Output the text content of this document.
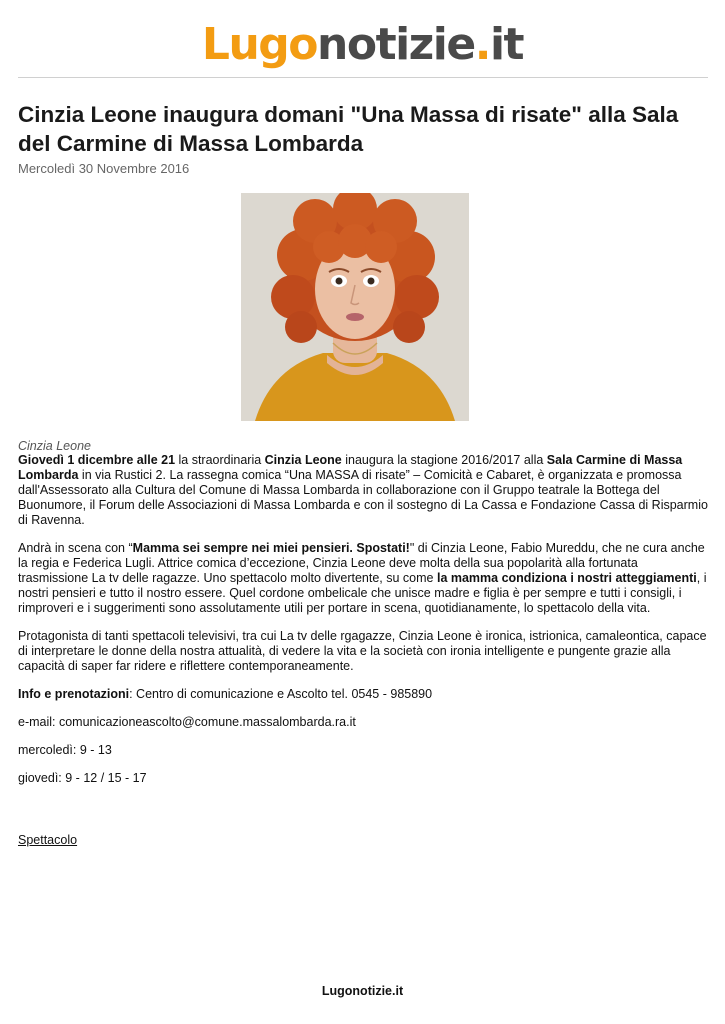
Lugonotizie.it
Cinzia Leone inaugura domani "Una Massa di risate" alla Sala del Carmine di Massa Lombarda
Mercoledì 30 Novembre 2016
Cinzia Leone

Giovedì 1 dicembre alle 21 la straordinaria Cinzia Leone inaugura la stagione 2016/2017 alla Sala Carmine di Massa Lombarda in via Rustici 2. La rassegna comica “Una MASSA di risate” – Comicità e Cabaret, è organizzata e promossa dall'Assessorato alla Cultura del Comune di Massa Lombarda in collaborazione con il Gruppo teatrale la Bottega del Buonumore, il Forum delle Associazioni di Massa Lombarda e con il sostegno di La Cassa e Fondazione Cassa di Risparmio di Ravenna.

Andrà in scena con “Mamma sei sempre nei miei pensieri. Spostati!" di Cinzia Leone, Fabio Mureddu, che ne cura anche la regia e Federica Lugli. Attrice comica d’eccezione, Cinzia Leone deve molta della sua popolarità alla fortunata trasmissione La tv delle ragazze. Uno spettacolo molto divertente, su come la mamma condiziona i nostri atteggiamenti, i nostri pensieri e tutto il nostro essere. Quel cordone ombelicale che unisce madre e figlia è per sempre e tutti i consigli, i rimproveri e i suggerimenti sono assolutamente utili per portare in scena, quotidianamente, lo spettacolo della vita.

Protagonista di tanti spettacoli televisivi, tra cui La tv delle rgagazze, Cinzia Leone è ironica, istrionica, camaleontica, capace di interpretare le donne della nostra attualità, di vedere la vita e la società con ironia intelligente e pungente grazie alla capacità di saper far ridere e riflettere contemporaneamente.

Info e prenotazioni: Centro di comunicazione e Ascolto tel. 0545 - 985890

e-mail: comunicazioneascolto@comune.massalombarda.ra.it

mercoledì: 9 - 13

giovedì: 9 - 12 / 15 - 17

Spettacolo
Lugonotizie.it
